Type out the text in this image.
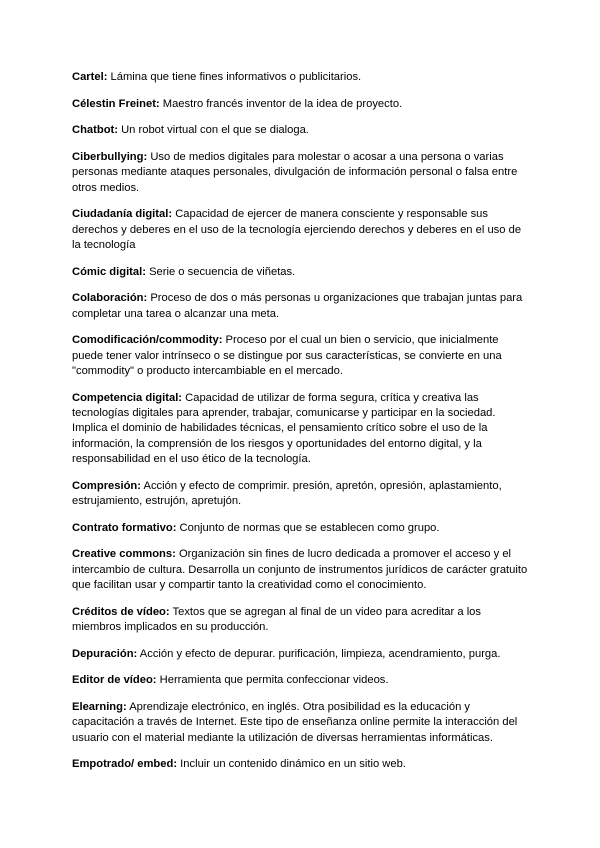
Cartel: Lámina que tiene fines informativos o publicitarios.

Célestin Freinet: Maestro francés inventor de la idea de proyecto.

Chatbot: Un robot virtual con el que se dialoga.

Ciberbullying: Uso de medios digitales para molestar o acosar a una persona o varias personas mediante ataques personales, divulgación de información personal o falsa entre otros medios.

Ciudadanía digital: Capacidad de ejercer de manera consciente y responsable sus derechos y deberes en el uso de la tecnología ejerciendo derechos y deberes en el uso de la tecnología

Cómic digital: Serie o secuencia de viñetas.

Colaboración: Proceso de dos o más personas u organizaciones que trabajan juntas para completar una tarea o alcanzar una meta.

Comodificación/commodity: Proceso por el cual un bien o servicio, que inicialmente puede tener valor intrínseco o se distingue por sus características, se convierte en una "commodity" o producto intercambiable en el mercado.

Competencia digital: Capacidad de utilizar de forma segura, crítica y creativa las tecnologías digitales para aprender, trabajar, comunicarse y participar en la sociedad. Implica el dominio de habilidades técnicas, el pensamiento crítico sobre el uso de la información, la comprensión de los riesgos y oportunidades del entorno digital, y la responsabilidad en el uso ético de la tecnología.

Compresión: Acción y efecto de comprimir. presión, apretón, opresión, aplastamiento, estrujamiento, estrujón, apretujón.

Contrato formativo: Conjunto de normas que se establecen como grupo.

Creative commons: Organización sin fines de lucro dedicada a promover el acceso y el intercambio de cultura. Desarrolla un conjunto de instrumentos jurídicos de carácter gratuito que facilitan usar y compartir tanto la creatividad como el conocimiento.

Créditos de vídeo: Textos que se agregan al final de un video para acreditar a los miembros implicados en su producción.

Depuración: Acción y efecto de depurar. purificación, limpieza, acendramiento, purga.

Editor de vídeo: Herramienta que permita confeccionar videos.

Elearning: Aprendizaje electrónico, en inglés. Otra posibilidad es la educación y capacitación a través de Internet. Este tipo de enseñanza online permite la interacción del usuario con el material mediante la utilización de diversas herramientas informáticas.

Empotrado/ embed: Incluir un contenido dinámico en un sitio web.
